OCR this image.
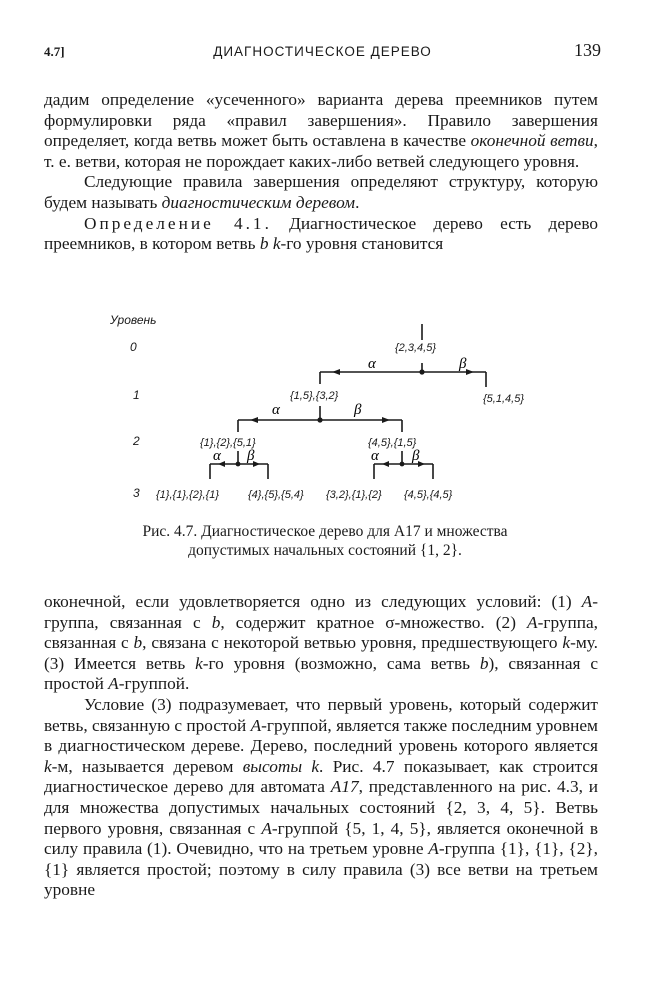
4.7]	ДИАГНОСТИЧЕСКОЕ ДЕРЕВО	139

дадим определение «усеченного» варианта дерева преемников путем формулировки ряда «правил завершения». Правило завершения определяет, когда ветвь может быть оставлена в качестве оконечной ветви, т. е. ветви, которая не порождает каких-либо ветвей следующего уровня.

Следующие правила завершения определяют структуру, которую будем называть диагностическим деревом.

Определение 4.1. Диагностическое дерево есть дерево преемников, в котором ветвь b k-го уровня становится

Уровень
0
1
2
3
{2,3,4,5}
α	β
{1,5},{3,2}	{5,1,4,5}
α	β
{1},{2},{5,1}	{4,5},{1,5}
α β	α β
{1},{1},{2},{1}	{4},{5},{5,4} {3,2},{1},{2} {4,5},{4,5}
Рис. 4.7. Диагностическое дерево для A17 и множества
допустимых начальных состояний {1, 2}.

оконечной, если удовлетворяется одно из следующих условий: (1) A-группа, связанная с b, содержит кратное σ-множество. (2) A-группа, связанная с b, связана с некоторой ветвью уровня, предшествующего k-му. (3) Имеется ветвь k-го уровня (возможно, сама ветвь b), связанная с простой A-группой.

Условие (3) подразумевает, что первый уровень, который содержит ветвь, связанную с простой A-группой, является также последним уровнем в диагностическом дереве. Дерево, последний уровень которого является k-м, называется деревом высоты k. Рис. 4.7 показывает, как строится диагностическое дерево для автомата A17, представленного на рис. 4.3, и для множества допустимых начальных состояний {2, 3, 4, 5}. Ветвь первого уровня, связанная с A-группой {5, 1, 4, 5}, является оконечной в силу правила (1). Очевидно, что на третьем уровне A-группа {1}, {1}, {2}, {1} является простой; поэтому в силу правила (3) все ветви на третьем уровне
